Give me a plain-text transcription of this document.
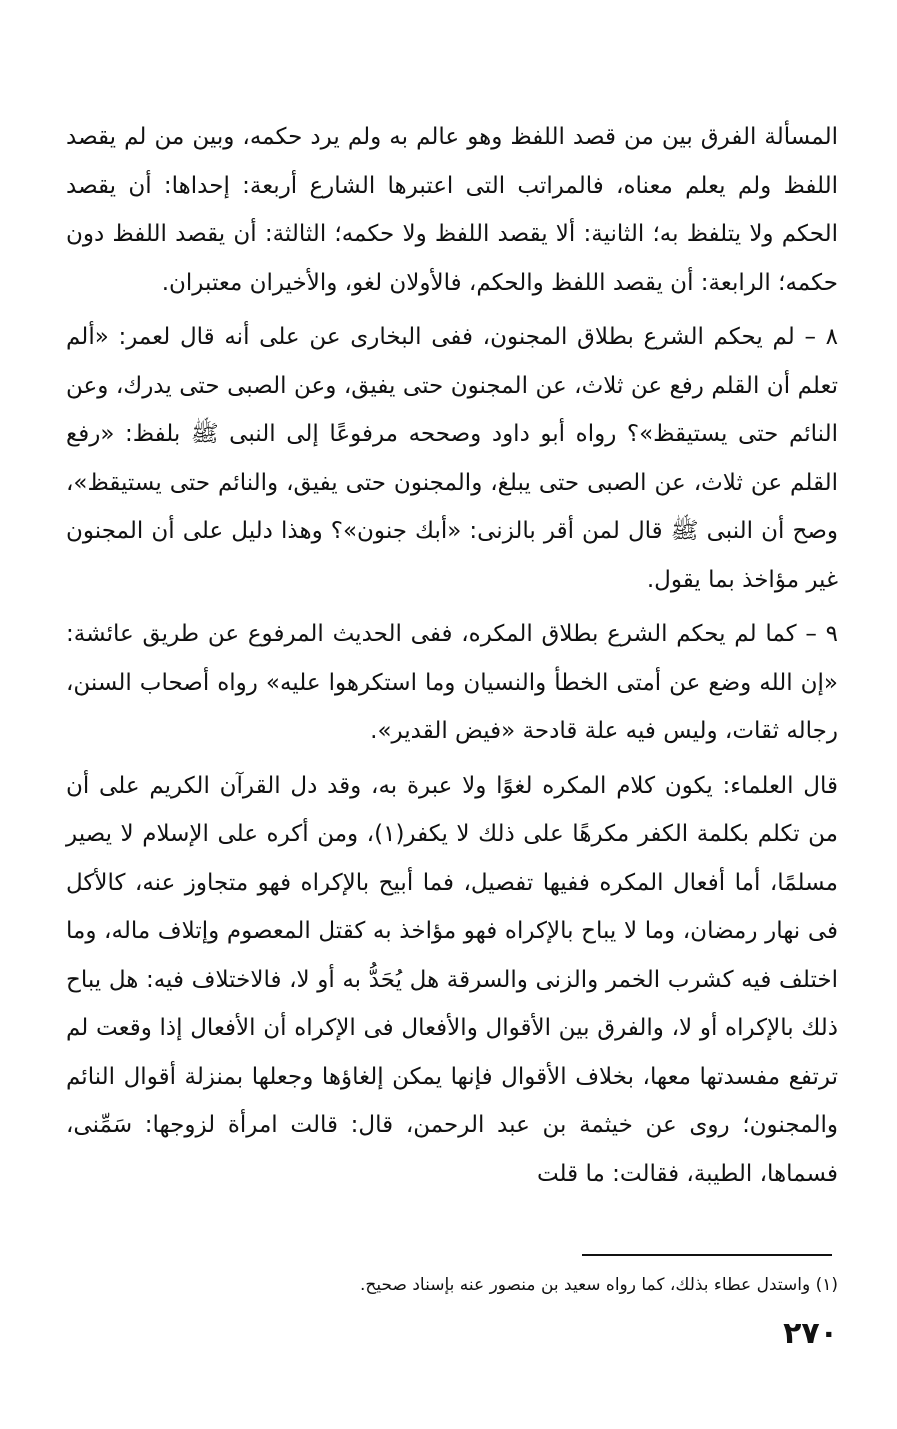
المسألة الفرق بين من قصد اللفظ وهو عالم به ولم يرد حكمه، وبين من لم يقصد اللفظ ولم يعلم معناه، فالمراتب التى اعتبرها الشارع أربعة: إحداها: أن يقصد الحكم ولا يتلفظ به؛ الثانية: ألا يقصد اللفظ ولا حكمه؛ الثالثة: أن يقصد اللفظ دون حكمه؛ الرابعة: أن يقصد اللفظ والحكم، فالأولان لغو، والأخيران معتبران.

٨ – لم يحكم الشرع بطلاق المجنون، ففى البخارى عن على أنه قال لعمر: «ألم تعلم أن القلم رفع عن ثلاث، عن المجنون حتى يفيق، وعن الصبى حتى يدرك، وعن النائم حتى يستيقظ»؟ رواه أبو داود وصححه مرفوعًا إلى النبى ﷺ بلفظ: «رفع القلم عن ثلاث، عن الصبى حتى يبلغ، والمجنون حتى يفيق، والنائم حتى يستيقظ»، وصح أن النبى ﷺ قال لمن أقر بالزنى: «أبك جنون»؟ وهذا دليل على أن المجنون غير مؤاخذ بما يقول.

٩ – كما لم يحكم الشرع بطلاق المكره، ففى الحديث المرفوع عن طريق عائشة: «إن الله وضع عن أمتى الخطأ والنسيان وما استكرهوا عليه» رواه أصحاب السنن، رجاله ثقات، وليس فيه علة قادحة «فيض القدير».

قال العلماء: يكون كلام المكره لغوًا ولا عبرة به، وقد دل القرآن الكريم على أن من تكلم بكلمة الكفر مكرهًا على ذلك لا يكفر(١)، ومن أكره على الإسلام لا يصير مسلمًا، أما أفعال المكره ففيها تفصيل، فما أبيح بالإكراه فهو متجاوز عنه، كالأكل فى نهار رمضان، وما لا يباح بالإكراه فهو مؤاخذ به كقتل المعصوم وإتلاف ماله، وما اختلف فيه كشرب الخمر والزنى والسرقة هل يُحَدُّ به أو لا، فالاختلاف فيه: هل يباح ذلك بالإكراه أو لا، والفرق بين الأقوال والأفعال فى الإكراه أن الأفعال إذا وقعت لم ترتفع مفسدتها معها، بخلاف الأقوال فإنها يمكن إلغاؤها وجعلها بمنزلة أقوال النائم والمجنون؛ روى عن خيثمة بن عبد الرحمن، قال: قالت امرأة لزوجها: سَمِّنى، فسماها، الطيبة، فقالت: ما قلت

(١) واستدل عطاء بذلك، كما رواه سعيد بن منصور عنه بإسناد صحيح.
٢٧٠
